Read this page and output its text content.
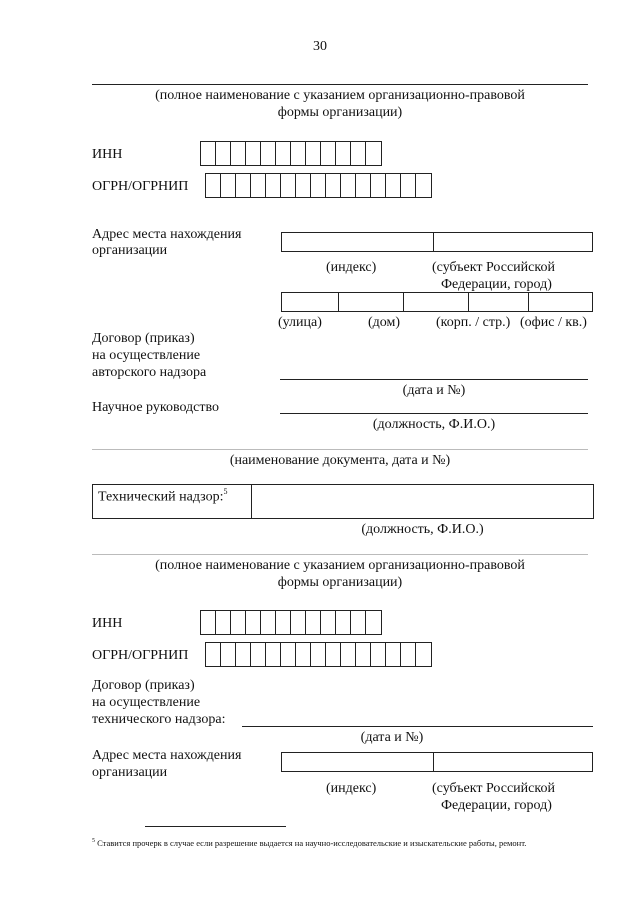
30
(полное наименование с указанием организационно-правовой
формы организации)
ИНН
ОГРН/ОГРНИП
Адрес места нахождения
организации
(индекс)	(субъект Российской
Федерации, город)
(улица)	(дом)	(корп. / стр.) (офис / кв.)
Договор (приказ)
на осуществление
авторского надзора
(дата и №)
Научное руководство
(должность, Ф.И.О.)
(наименование документа, дата и №)
Технический надзор:$^5$
(должность, Ф.И.О.)
(полное наименование с указанием организационно-правовой
формы организации)
ИНН
ОГРН/ОГРНИП
Договор (приказ)
на осуществление
технического надзора:
(дата и №)
Адрес места нахождения
организации
(индекс)	(субъект Российской
Федерации, город)
$^5$ Ставится прочерк в случае если разрешение выдается на научно-исследовательские и изыскательские работы, ремонт.
